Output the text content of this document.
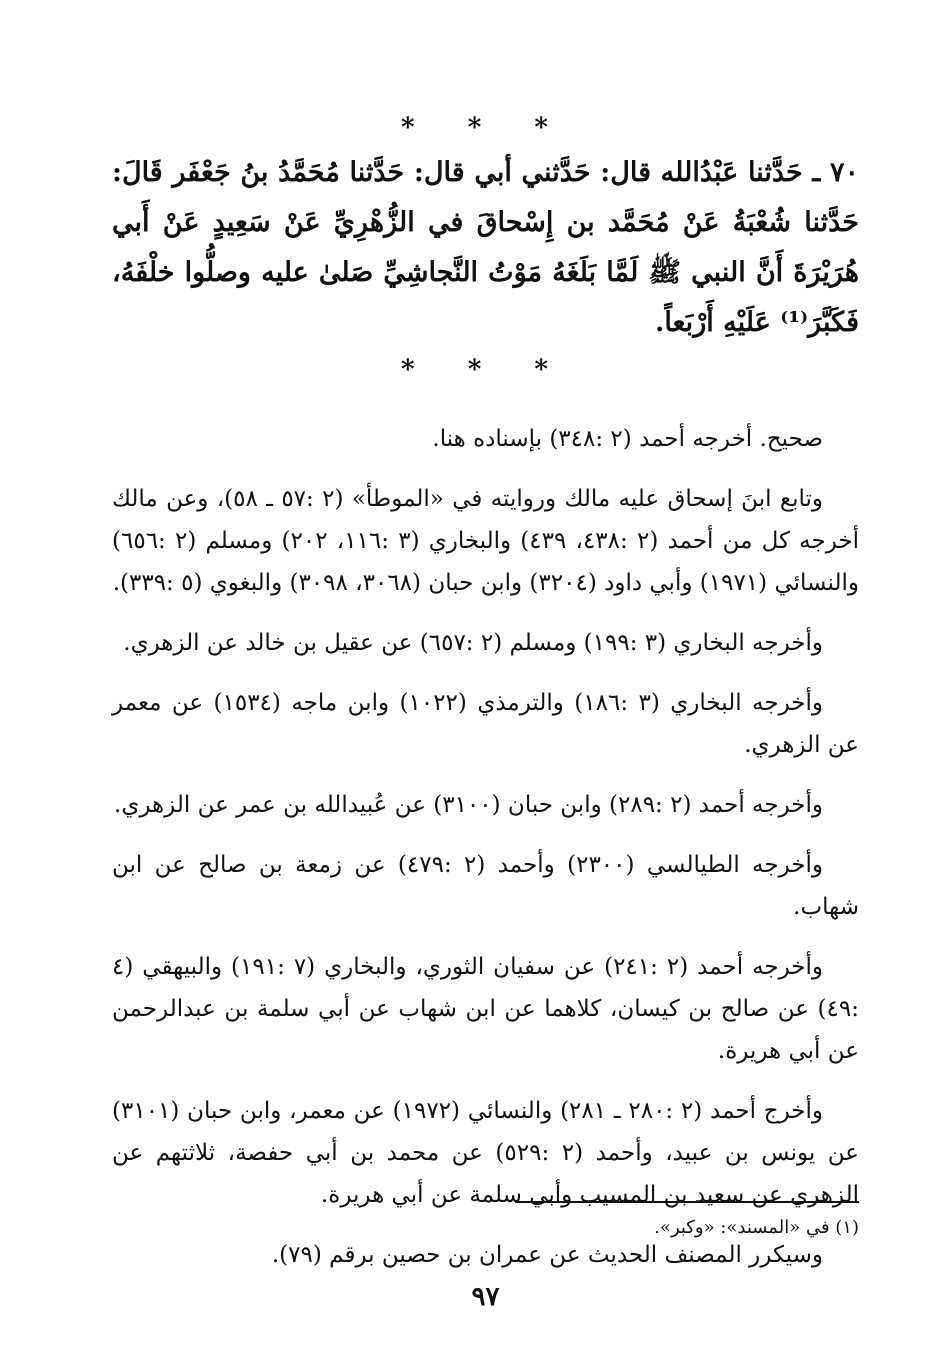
* * *

٧٠ ـ حَدَّثنا عَبْدُالله قال: حَدَّثني أبي قال: حَدَّثنا مُحَمَّدُ بنُ جَعْفَر قَالَ: حَدَّثنا شُعْبَةُ عَنْ مُحَمَّد بن إِسْحاقَ في الزُّهْرِيِّ عَنْ سَعِيدٍ عَنْ أَبي هُرَيْرَةَ أَنَّ النبي ﷺ لَمَّا بَلَغَهُ مَوْتُ النَّجاشِيِّ صَلىٰ عليه وصلُّوا خلْفَهُ، فَكَبَّرَ⁽¹⁾ عَلَيْهِ أَرْبَعاً.

* * *

صحيح. أخرجه أحمد (٢ :٣٤٨) بإسناده هنا.

وتابع ابنَ إسحاق عليه مالك وروايته في «الموطأ» (٢ :٥٧ ـ ٥٨)، وعن مالك أخرجه كل من أحمد (٢ :٤٣٨، ٤٣٩) والبخاري (٣ :١١٦، ٢٠٢) ومسلم (٢ :٦٥٦) والنسائي (١٩٧١) وأبي داود (٣٢٠٤) وابن حبان (٣٠٦٨، ٣٠٩٨) والبغوي (٥ :٣٣٩).

وأخرجه البخاري (٣ :١٩٩) ومسلم (٢ :٦٥٧) عن عقيل بن خالد عن الزهري.

وأخرجه البخاري (٣ :١٨٦) والترمذي (١٠٢٢) وابن ماجه (١٥٣٤) عن معمر عن الزهري.

وأخرجه أحمد (٢ :٢٨٩) وابن حبان (٣١٠٠) عن عُبيدالله بن عمر عن الزهري.

وأخرجه الطيالسي (٢٣٠٠) وأحمد (٢ :٤٧٩) عن زمعة بن صالح عن ابن شهاب.

وأخرجه أحمد (٢ :٢٤١) عن سفيان الثوري، والبخاري (٧ :١٩١) والبيهقي (٤ :٤٩) عن صالح بن كيسان، كلاهما عن ابن شهاب عن أبي سلمة بن عبدالرحمن عن أبي هريرة.

وأخرج أحمد (٢ :٢٨٠ ـ ٢٨١) والنسائي (١٩٧٢) عن معمر، وابن حبان (٣١٠١) عن يونس بن عبيد، وأحمد (٢ :٥٢٩) عن محمد بن أبي حفصة، ثلاثتهم عن الزهري عن سعيد بن المسيب وأبي سلمة عن أبي هريرة.

وسيكرر المصنف الحديث عن عمران بن حصين برقم (٧٩).

(١) في «المسند»: «وكبر».

٩٧
